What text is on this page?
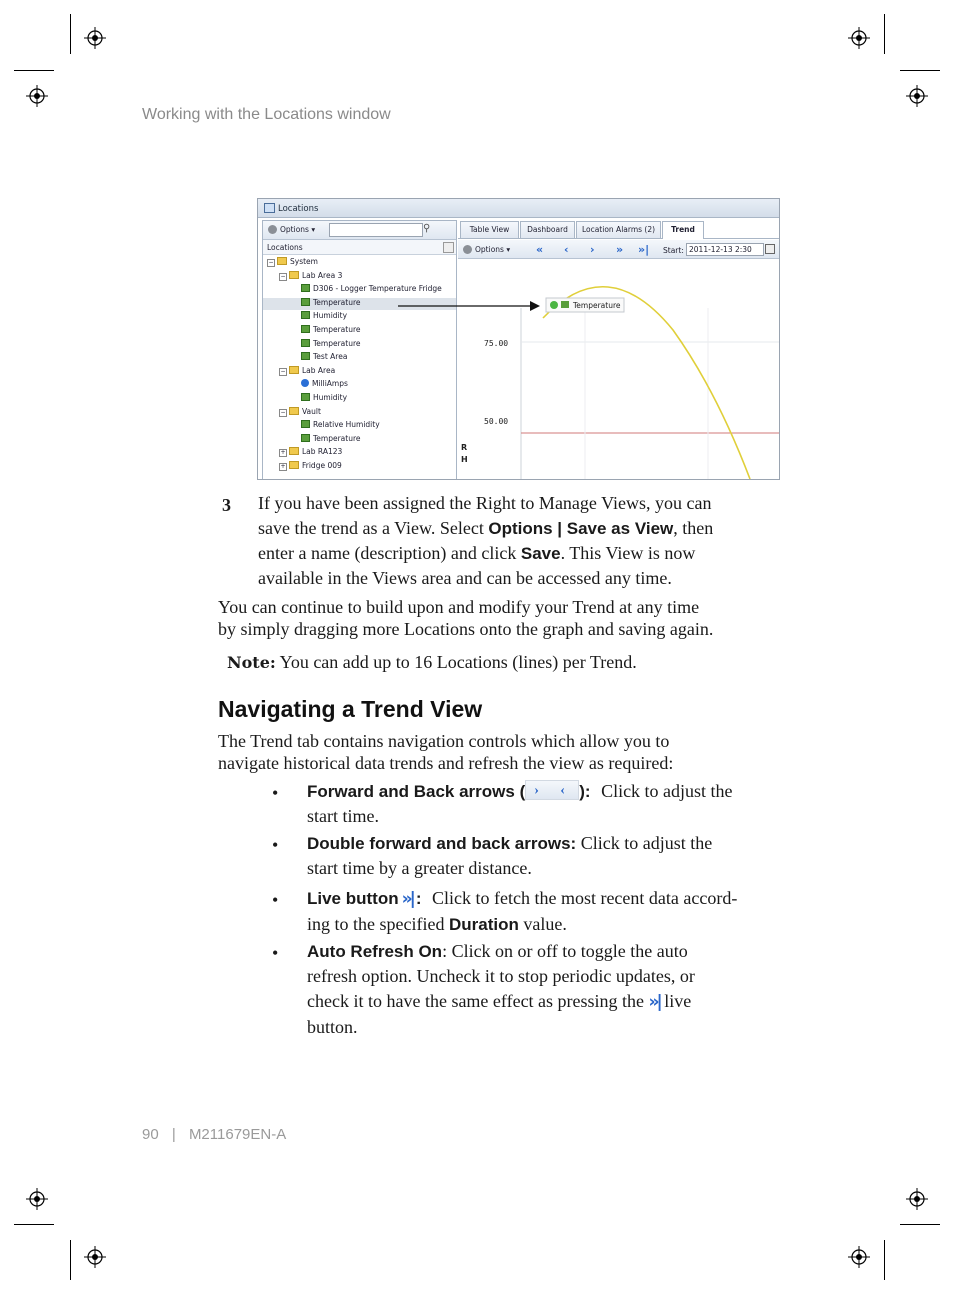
Working with the Locations window
Locations
Options ▾	⚲
Locations
− System
− Lab Area 3
D306 - Logger Temperature Fridge
Temperature
Humidity
Temperature
Temperature
Test Area
− Lab Area
MilliAmps
Humidity
− Vault
Relative Humidity
Temperature
+ Lab RA123
+ Fridge 009
Table View	Dashboard	Location Alarms (2)	Trend
Options ▾ « ‹ › » »| Start: 2011-12-13 2:30
R
H
75.00
50.00
Temperature
3 If you have been assigned the Right to Manage Views, you can
save the trend as a View. Select Options | Save as View, then
enter a name (description) and click Save. This View is now
available in the Views area and can be accessed any time.
You can continue to build upon and modify your Trend at any time
by simply dragging more Locations onto the graph and saving again.
Note: You can add up to 16 Locations (lines) per Trend.
Navigating a Trend View
The Trend tab contains navigation controls which allow you to
navigate historical data trends and refresh the view as required:
• Forward and Back arrows ( › ‹ ): Click to adjust the
start time.
• Double forward and back arrows: Click to adjust the
start time by a greater distance.
• Live button »| : Click to fetch the most recent data accord-
ing to the specified Duration value.
• Auto Refresh On: Click on or off to toggle the auto
refresh option. Uncheck it to stop periodic updates, or
check it to have the same effect as pressing the »| live
button.
90 | M211679EN-A
